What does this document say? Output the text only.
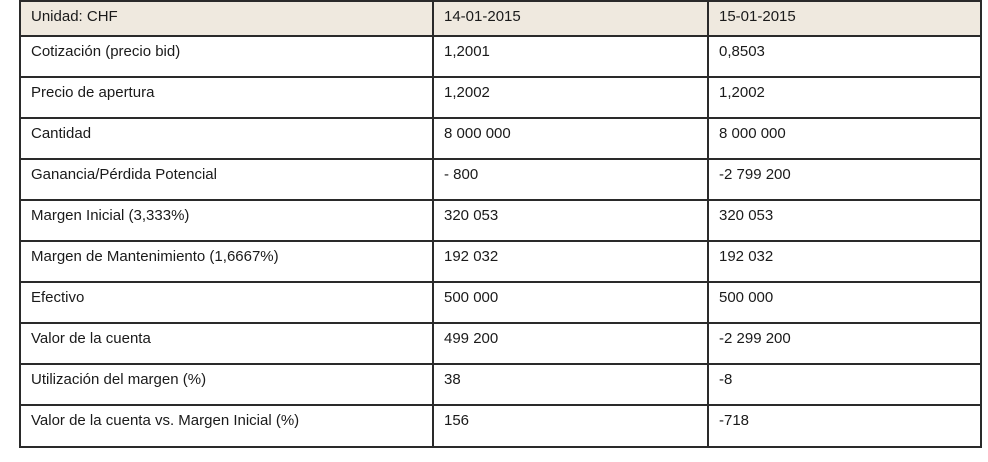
Unidad: CHF	14-01-2015	15-01-2015
Cotización (precio bid)	1,2001	0,8503
Precio de apertura	1,2002	1,2002
Cantidad	8 000 000	8 000 000
Ganancia/Pérdida Potencial	- 800	-2 799 200
Margen Inicial (3,333%)	320 053	320 053
Margen de Mantenimiento (1,6667%)	192 032	192 032
Efectivo	500 000	500 000
Valor de la cuenta	499 200	-2 299 200
Utilización del margen (%)	38	-8
Valor de la cuenta vs. Margen Inicial (%)	156	-718
